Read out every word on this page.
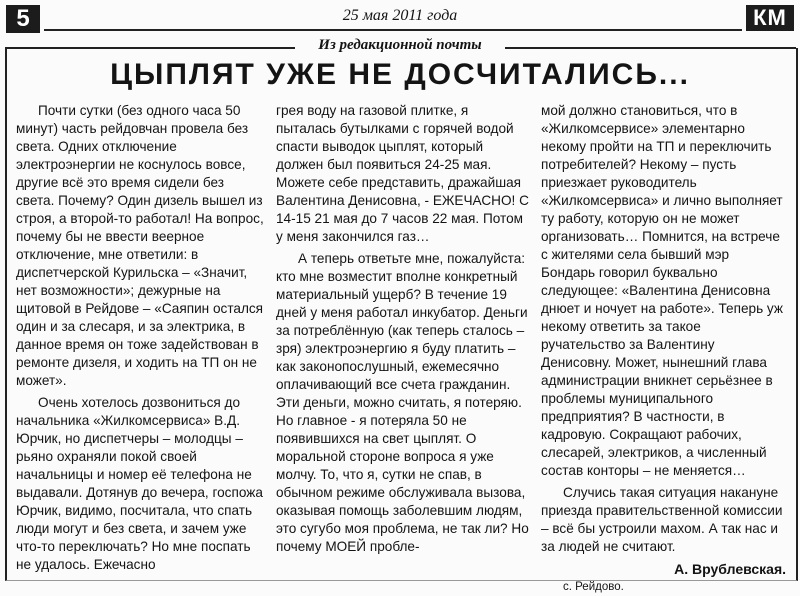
5	25 мая 2011 года	КМ
Из редакционной почты
ЦЫПЛЯТ УЖЕ НЕ ДОСЧИТАЛИСЬ...

Почти сутки (без одного часа 50 минут) часть рейдовчан провела без света. Одних отключение электроэнергии не коснулось вовсе, другие всё это время сидели без света. Почему? Один дизель вышел из строя, а второй-то работал! На вопрос, почему бы не ввести веерное отключение, мне ответили: в диспетчерской Курильска – «Значит, нет возможности»; дежурные на щитовой в Рейдове – «Саяпин остался один и за слесаря, и за электрика, в данное время он тоже задействован в ремонте дизеля, и ходить на ТП он не может».

Очень хотелось дозвониться до начальника «Жилкомсервиса» В.Д. Юрчик, но диспетчеры – молодцы – рьяно охраняли покой своей начальницы и номер её телефона не выдавали. Дотянув до вечера, госпожа Юрчик, видимо, посчитала, что спать люди могут и без света, и зачем уже что-то переключать? Но мне поспать не удалось. Ежечасно

грея воду на газовой плитке, я пыталась бутылками с горячей водой спасти выводок цыплят, который должен был появиться 24-25 мая. Можете себе представить, дражайшая Валентина Денисовна, - ЕЖЕЧАСНО! С 14-15 21 мая до 7 часов 22 мая. Потом у меня закончился газ…

А теперь ответьте мне, пожалуйста: кто мне возместит вполне конкретный материальный ущерб? В течение 19 дней у меня работал инкубатор. Деньги за потреблённую (как теперь сталось – зря) электроэнергию я буду платить – как законопослушный, ежемесячно оплачивающий все счета гражданин. Эти деньги, можно считать, я потеряю. Но главное - я потеряла 50 не появившихся на свет цыплят. О моральной стороне вопроса я уже молчу. То, что я, сутки не спав, в обычном режиме обслуживала вызова, оказывая помощь заболевшим людям, это сугубо моя проблема, не так ли? Но почему МОЕЙ пробле-

мой должно становиться, что в «Жилкомсервисе» элементарно некому пройти на ТП и переключить потребителей? Некому – пусть приезжает руководитель «Жилкомсервиса» и лично выполняет ту работу, которую он не может организовать… Помнится, на встрече с жителями села бывший мэр Бондарь говорил буквально следующее: «Валентина Денисовна днюет и ночует на работе». Теперь уж некому ответить за такое ручательство за Валентину Денисовну. Может, нынешний глава администрации вникнет серьёзнее в проблемы муниципального предприятия? В частности, в кадровую. Сокращают рабочих, слесарей, электриков, а численный состав конторы – не меняется…

Случись такая ситуация накануне приезда правительственной комиссии – всё бы устроили махом. А так нас и за людей не считают.

А. Врублевская.
с. Рейдово.
